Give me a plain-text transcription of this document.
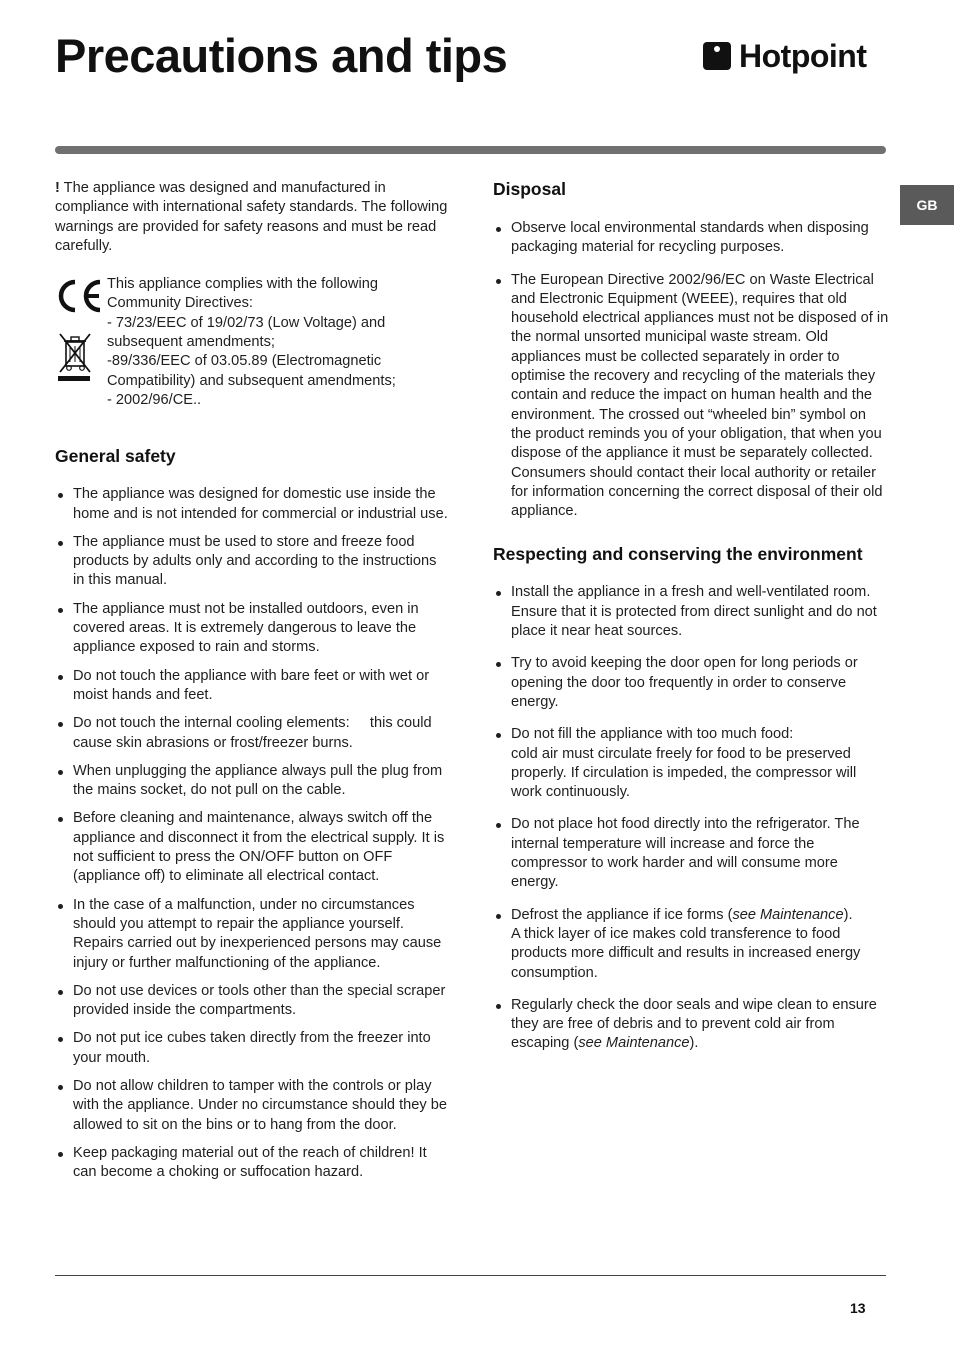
Precautions and tips	Hotpoint
GB

! The appliance was designed and manufactured in compliance with international safety standards. The following warnings are provided for safety reasons and must be read carefully.

This appliance complies with the following Community Directives:

- 73/23/EEC of 19/02/73 (Low Voltage) and subsequent amendments;

-89/336/EEC of 03.05.89 (Electromagnetic Compatibility) and subsequent amendments;

- 2002/96/CE..

General safety
The appliance was designed for domestic use inside the home and is not intended for commercial or industrial use.
The appliance must be used to store and freeze food products by adults only and according to the instructions in this manual.
The appliance must not be installed outdoors, even in covered areas. It is extremely dangerous to leave the appliance exposed to rain and storms.
Do not touch the appliance with bare feet or with wet or moist hands and feet.
Do not touch the internal cooling elements:     this could cause skin abrasions or frost/freezer burns.
When unplugging the appliance always pull the plug from the mains socket, do not pull on the cable.
Before cleaning and maintenance, always switch off the appliance and disconnect it from the electrical supply. It is not sufficient to press the ON/OFF button on OFF (appliance off) to eliminate all electrical contact.
In the case of a malfunction, under no circumstances should you attempt to repair the appliance yourself. Repairs carried out by inexperienced persons may cause injury or further malfunctioning of the appliance.
Do not use devices or tools other than the special scraper provided inside the compartments.
Do not put ice cubes taken directly from the freezer into your mouth.
Do not allow children to tamper with the controls or play with the appliance. Under no circumstance should they be allowed to sit on the bins or to hang from the door.
Keep packaging material out of the reach of children! It can become a choking or suffocation hazard.
Disposal
Observe local environmental standards when disposing packaging material for recycling purposes.
The European Directive 2002/96/EC on Waste Electrical and Electronic Equipment (WEEE), requires that old household electrical appliances must not be disposed of in the normal unsorted municipal waste stream. Old appliances must be collected separately in order to optimise the recovery and recycling of the materials they contain and reduce the impact on human health and the environment. The crossed out “wheeled bin” symbol on the product reminds you of your obligation, that when you dispose of the appliance it must be separately collected. Consumers should contact their local authority or retailer for information concerning the correct disposal of their old appliance.
Respecting and conserving the environment
Install the appliance in a fresh and well-ventilated room. Ensure that it is protected from direct sunlight and do not place it near heat sources.
Try to avoid keeping the door open for long periods or opening the door too frequently in order to conserve energy.
Do not fill the appliance with too much food:
cold air must circulate freely for food to be preserved properly. If circulation is impeded, the compressor will work continuously.
Do not place hot food directly into the refrigerator. The internal temperature will increase and force the compressor to work harder and will consume more energy.
Defrost the appliance if ice forms (see Maintenance).
A thick layer of ice makes cold transference to food products more difficult and results in increased energy consumption.
Regularly check the door seals and wipe clean to ensure they are free of debris and to prevent cold air from escaping (see Maintenance).
13
